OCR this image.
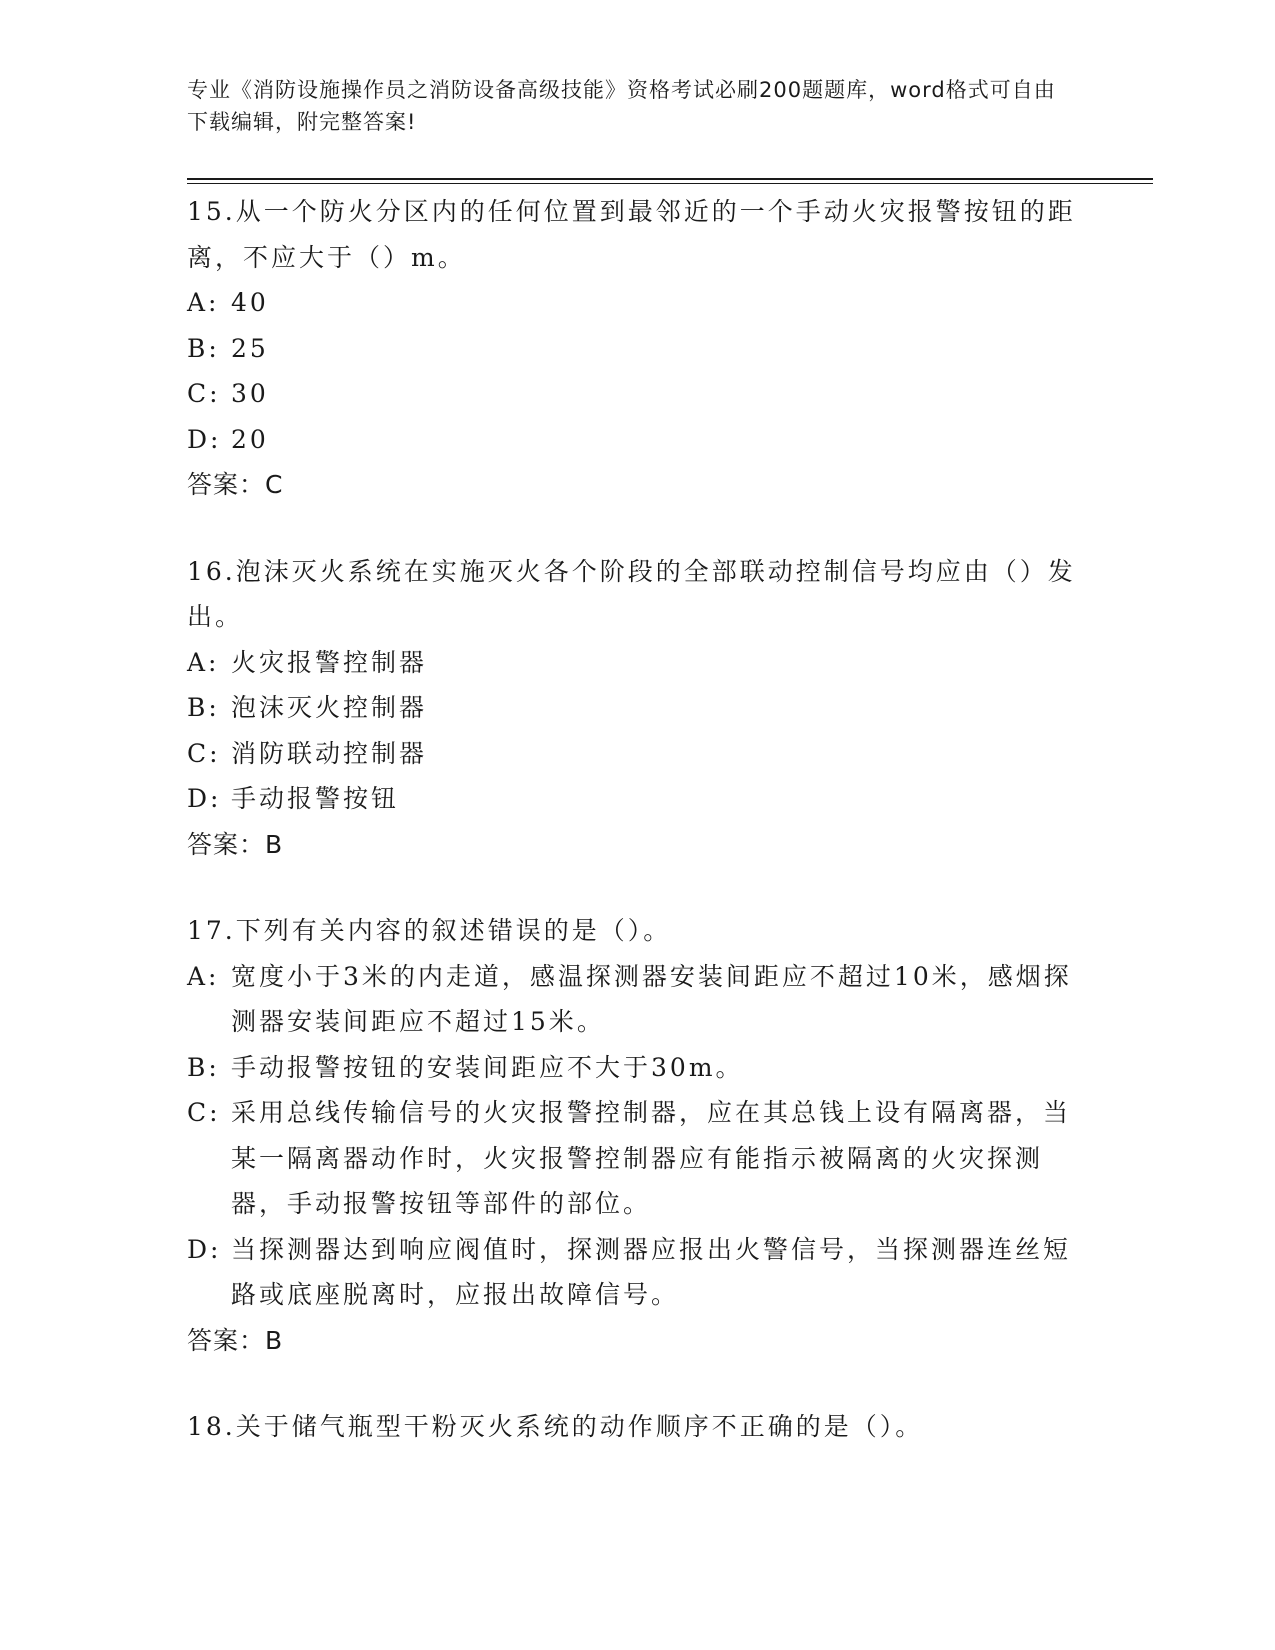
专业《消防设施操作员之消防设备高级技能》资格考试必刷200题题库，word格式可自由下载编辑，附完整答案!
15.从一个防火分区内的任何位置到最邻近的一个手动火灾报警按钮的距离，不应大于（）m。
A: 40
B: 25
C: 30
D: 20
答案：C
16.泡沫灭火系统在实施灭火各个阶段的全部联动控制信号均应由（）发出。
A: 火灾报警控制器
B: 泡沫灭火控制器
C: 消防联动控制器
D: 手动报警按钮
答案：B
17.下列有关内容的叙述错误的是（）。
A: 宽度小于3米的内走道，感温探测器安装间距应不超过10米，感烟探测器安装间距应不超过15米。
B: 手动报警按钮的安装间距应不大于30m。
C: 采用总线传输信号的火灾报警控制器，应在其总钱上设有隔离器，当某一隔离器动作时，火灾报警控制器应有能指示被隔离的火灾探测器，手动报警按钮等部件的部位。
D: 当探测器达到响应阀值时，探测器应报出火警信号，当探测器连丝短路或底座脱离时，应报出故障信号。
答案：B
18.关于储气瓶型干粉灭火系统的动作顺序不正确的是（）。
